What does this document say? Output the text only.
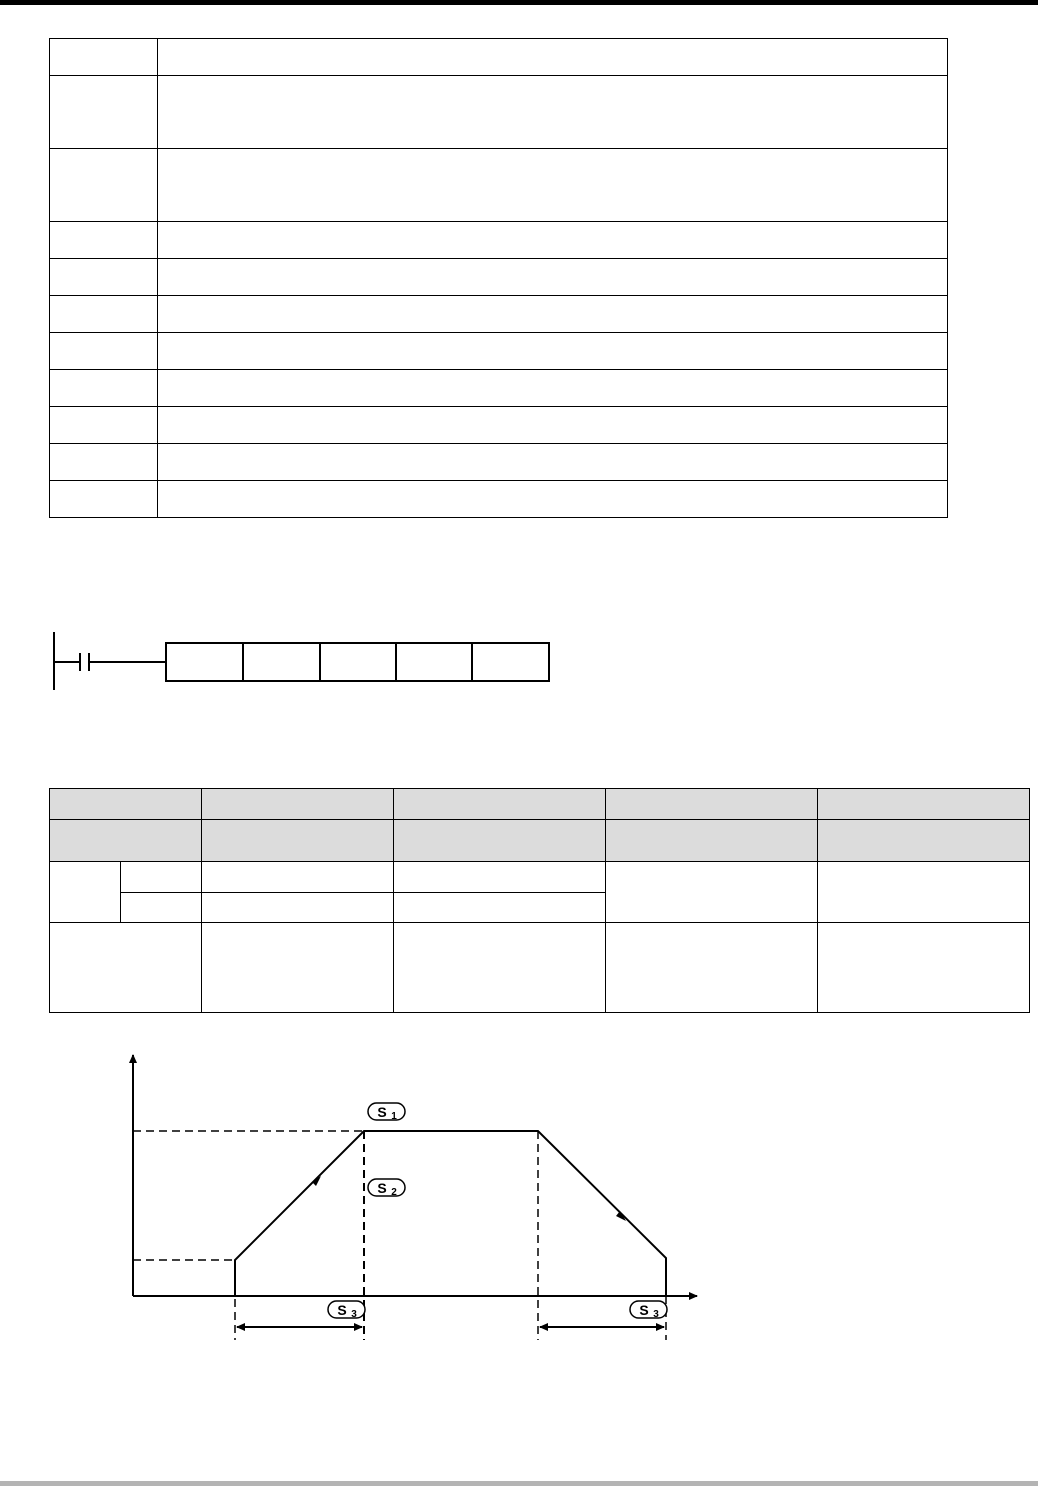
S 1
S 2
S 3	S 3
